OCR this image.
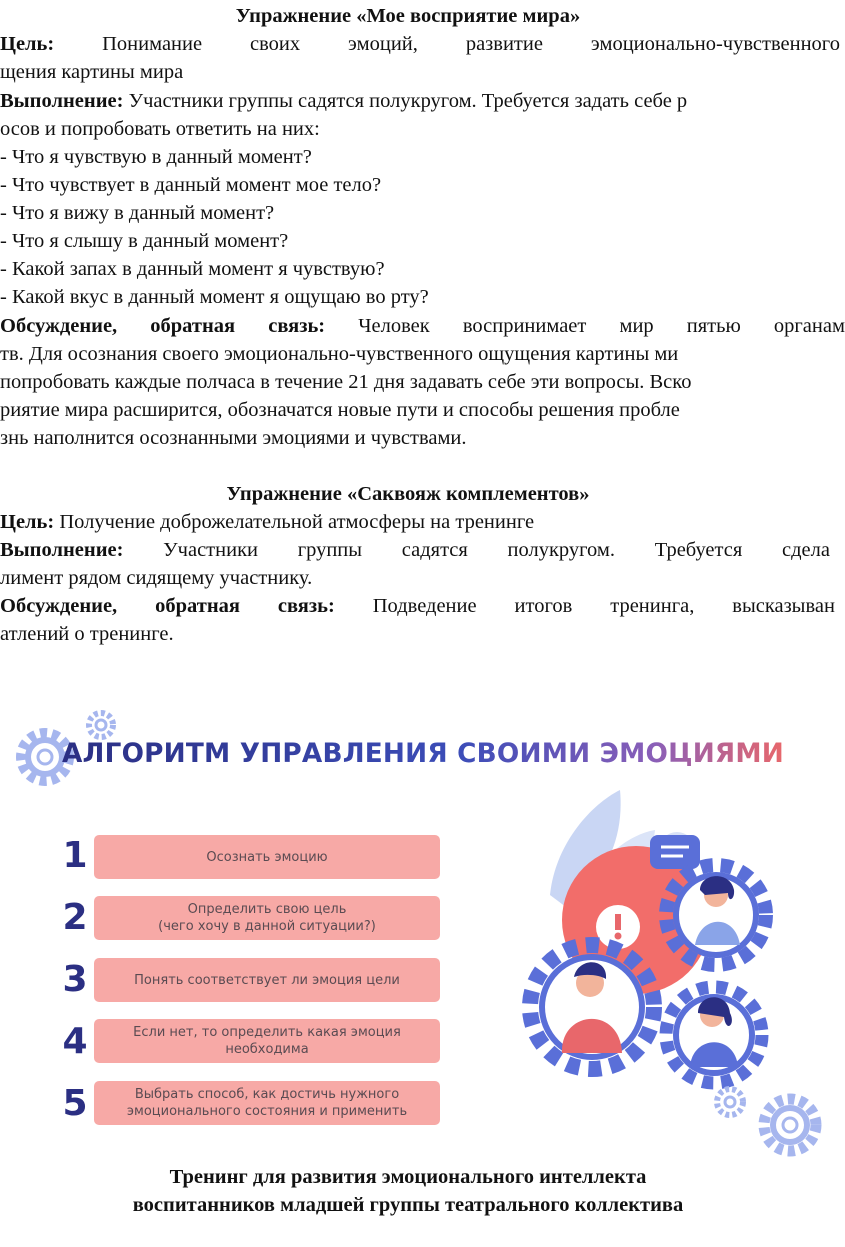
Упражнение «Мое восприятие мира»
Цель: Понимание своих эмоций, развитие эмоционально-чувственного
щения картины мира
Выполнение: Участники группы садятся полукругом. Требуется задать себе р
осов и попробовать ответить на них:
- Что я чувствую в данный момент?
- Что чувствует в данный момент мое тело?
- Что я вижу в данный момент?
- Что я слышу в данный момент?
- Какой запах в данный момент я чувствую?
- Какой вкус в данный момент я ощущаю во рту?
Обсуждение, обратная связь: Человек воспринимает мир пятью органам
тв. Для осознания своего эмоционально-чувственного ощущения картины ми
попробовать каждые полчаса в течение 21 дня задавать себе эти вопросы. Вско
риятие мира расширится, обозначатся новые пути и способы решения пробле
знь наполнится осознанными эмоциями и чувствами.
Упражнение «Саквояж комплементов»
Цель: Получение доброжелательной атмосферы на тренинге
Выполнение: Участники группы садятся полукругом. Требуется сдела
лимент рядом сидящему участнику.
Обсуждение, обратная связь: Подведение итогов тренинга, высказыван
атлений о тренинге.
АЛГОРИТМ УПРАВЛЕНИЯ СВОИМИ ЭМОЦИЯМИ
1	Осознать эмоцию
2	Определить свою цель
(чего хочу в данной ситуации?)
3	Понять соответствует ли эмоция цели
4	Если нет, то определить какая эмоция
необходима
5	Выбрать способ, как достичь нужного
эмоционального состояния и применить
Тренинг для развития эмоционального интеллекта
воспитанников младшей группы театрального коллектива
